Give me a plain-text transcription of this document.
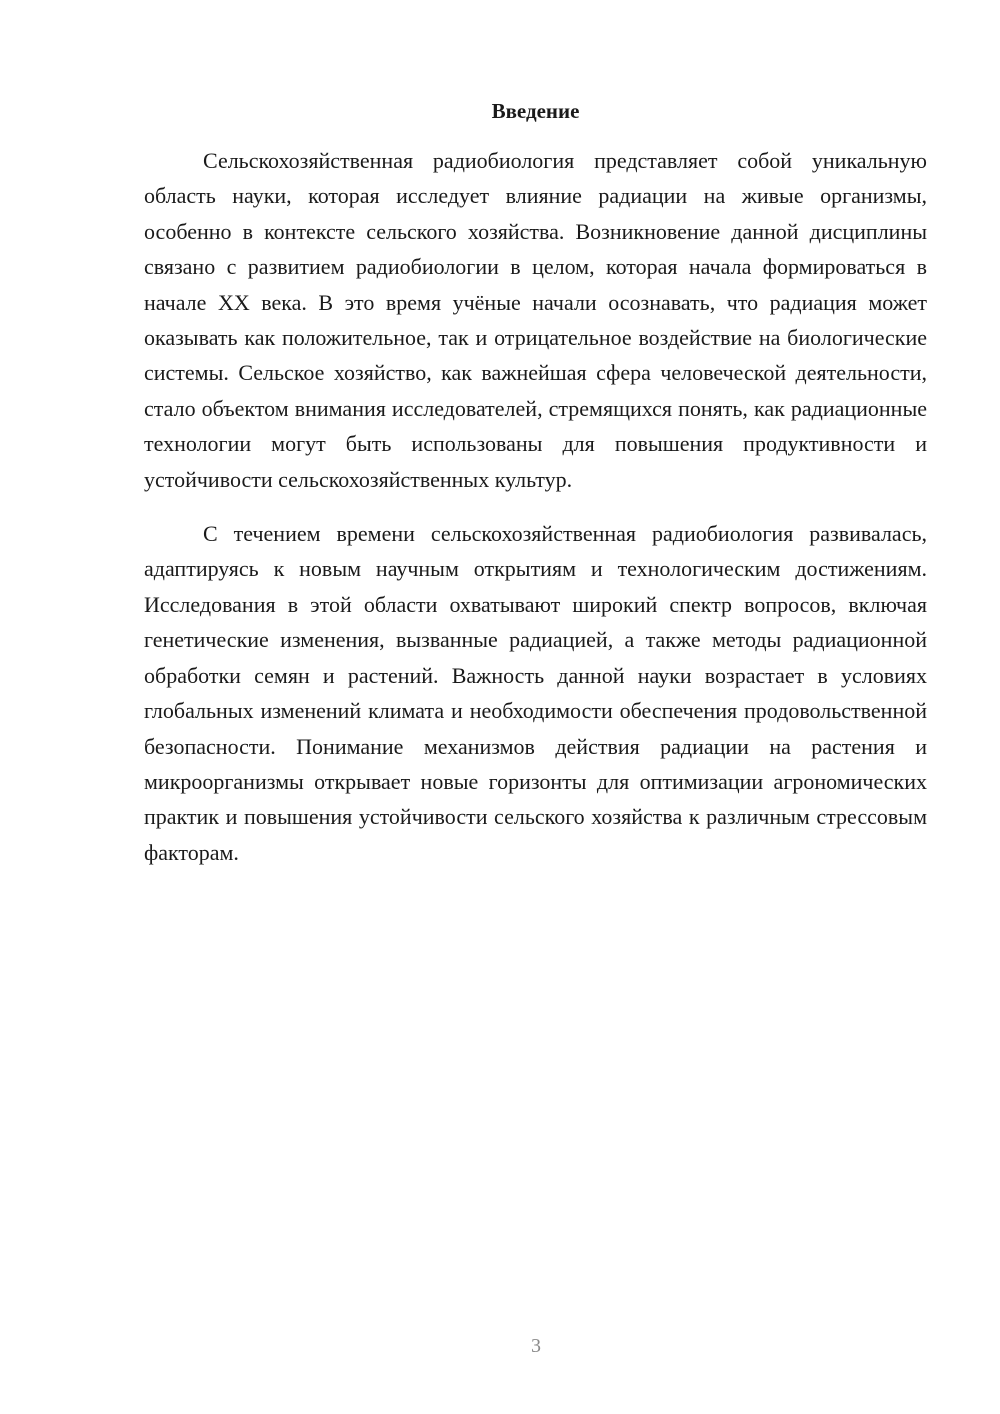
Введение

Сельскохозяйственная радиобиология представляет собой уникальную область науки, которая исследует влияние радиации на живые организмы, особенно в контексте сельского хозяйства. Возникновение данной дисциплины связано с развитием радиобиологии в целом, которая начала формироваться в начале XX века. В это время учёные начали осознавать, что радиация может оказывать как положительное, так и отрицательное воздействие на биологические системы. Сельское хозяйство, как важнейшая сфера человеческой деятельности, стало объектом внимания исследователей, стремящихся понять, как радиационные технологии могут быть использованы для повышения продуктивности и устойчивости сельскохозяйственных культур.

С течением времени сельскохозяйственная радиобиология развивалась, адаптируясь к новым научным открытиям и технологическим достижениям. Исследования в этой области охватывают широкий спектр вопросов, включая генетические изменения, вызванные радиацией, а также методы радиационной обработки семян и растений. Важность данной науки возрастает в условиях глобальных изменений климата и необходимости обеспечения продовольственной безопасности. Понимание механизмов действия радиации на растения и микроорганизмы открывает новые горизонты для оптимизации агрономических практик и повышения устойчивости сельского хозяйства к различным стрессовым факторам.

3
